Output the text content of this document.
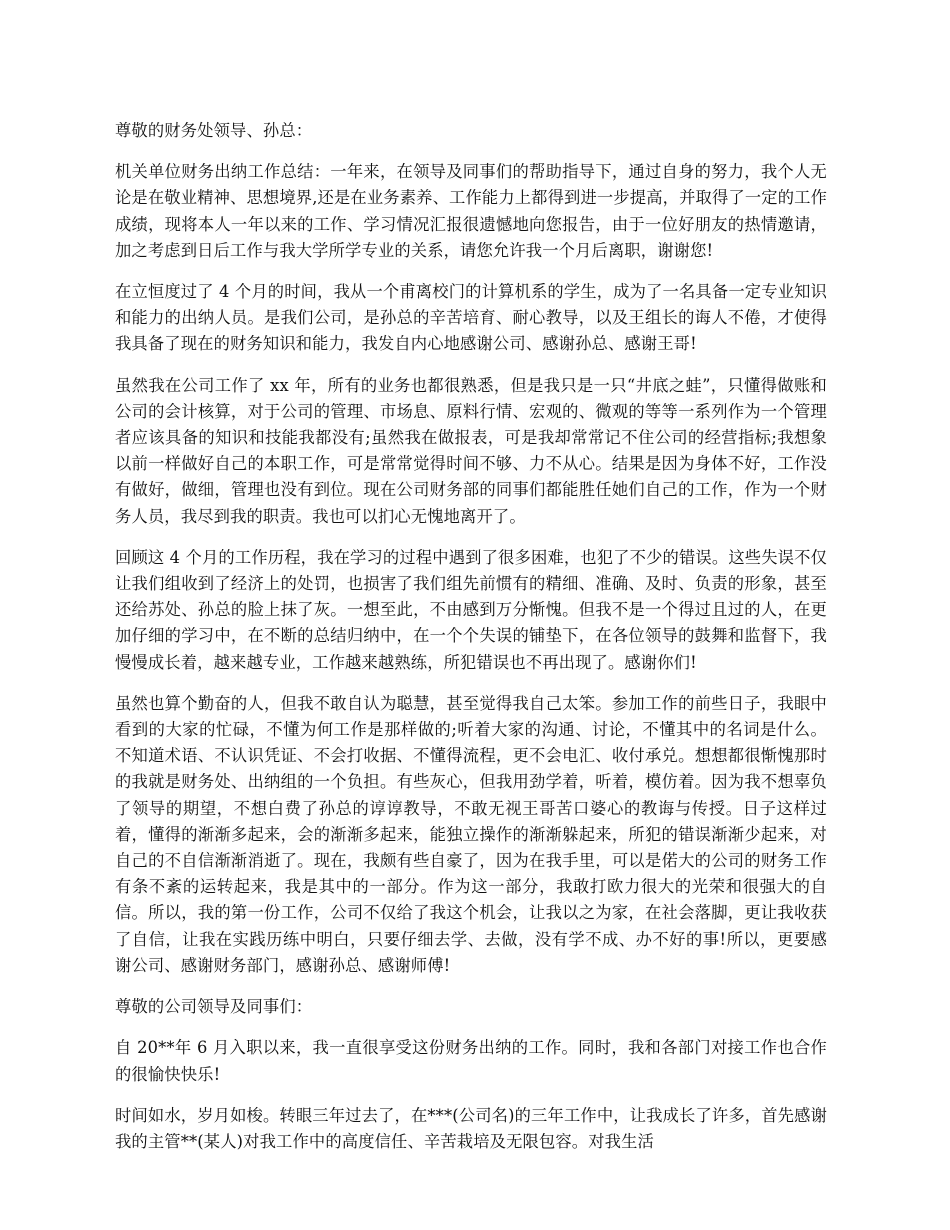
尊敬的财务处领导、孙总：

机关单位财务出纳工作总结：一年来，在领导及同事们的帮助指导下，通过自身的努力，我个人无论是在敬业精神、思想境界,还是在业务素养、工作能力上都得到进一步提高，并取得了一定的工作成绩，现将本人一年以来的工作、学习情况汇报很遗憾地向您报告，由于一位好朋友的热情邀请，加之考虑到日后工作与我大学所学专业的关系，请您允许我一个月后离职，谢谢您!

在立恒度过了 4 个月的时间，我从一个甫离校门的计算机系的学生，成为了一名具备一定专业知识和能力的出纳人员。是我们公司，是孙总的辛苦培育、耐心教导，以及王组长的诲人不倦，才使得我具备了现在的财务知识和能力，我发自内心地感谢公司、感谢孙总、感谢王哥!

虽然我在公司工作了 xx 年，所有的业务也都很熟悉，但是我只是一只“井底之蛙”，只懂得做账和公司的会计核算，对于公司的管理、市场息、原料行情、宏观的、微观的等等一系列作为一个管理者应该具备的知识和技能我都没有;虽然我在做报表，可是我却常常记不住公司的经营指标;我想象以前一样做好自己的本职工作，可是常常觉得时间不够、力不从心。结果是因为身体不好，工作没有做好，做细，管理也没有到位。现在公司财务部的同事们都能胜任她们自己的工作，作为一个财务人员，我尽到我的职责。我也可以扪心无愧地离开了。

回顾这 4 个月的工作历程，我在学习的过程中遇到了很多困难，也犯了不少的错误。这些失误不仅让我们组收到了经济上的处罚，也损害了我们组先前惯有的精细、准确、及时、负责的形象，甚至还给苏处、孙总的脸上抹了灰。一想至此，不由感到万分惭愧。但我不是一个得过且过的人，在更加仔细的学习中，在不断的总结归纳中，在一个个失误的铺垫下，在各位领导的鼓舞和监督下，我慢慢成长着，越来越专业，工作越来越熟练，所犯错误也不再出现了。感谢你们!

虽然也算个勤奋的人，但我不敢自认为聪慧，甚至觉得我自己太笨。参加工作的前些日子，我眼中看到的大家的忙碌，不懂为何工作是那样做的;听着大家的沟通、讨论，不懂其中的名词是什么。不知道术语、不认识凭证、不会打收据、不懂得流程，更不会电汇、收付承兑。想想都很惭愧那时的我就是财务处、出纳组的一个负担。有些灰心，但我用劲学着，听着，模仿着。因为我不想辜负了领导的期望，不想白费了孙总的谆谆教导，不敢无视王哥苦口婆心的教诲与传授。日子这样过着，懂得的渐渐多起来，会的渐渐多起来，能独立操作的渐渐躲起来，所犯的错误渐渐少起来，对自己的不自信渐渐消逝了。现在，我颇有些自豪了，因为在我手里，可以是偌大的公司的财务工作有条不紊的运转起来，我是其中的一部分。作为这一部分，我敢打欧力很大的光荣和很强大的自信。所以，我的第一份工作，公司不仅给了我这个机会，让我以之为家，在社会落脚，更让我收获了自信，让我在实践历练中明白，只要仔细去学、去做，没有学不成、办不好的事!所以，更要感谢公司、感谢财务部门，感谢孙总、感谢师傅!

尊敬的公司领导及同事们：

自 20**年 6 月入职以来，我一直很享受这份财务出纳的工作。同时，我和各部门对接工作也合作的很愉快快乐!

时间如水，岁月如梭。转眼三年过去了，在***(公司名)的三年工作中，让我成长了许多，首先感谢我的主管**(某人)对我工作中的高度信任、辛苦栽培及无限包容。对我生活
